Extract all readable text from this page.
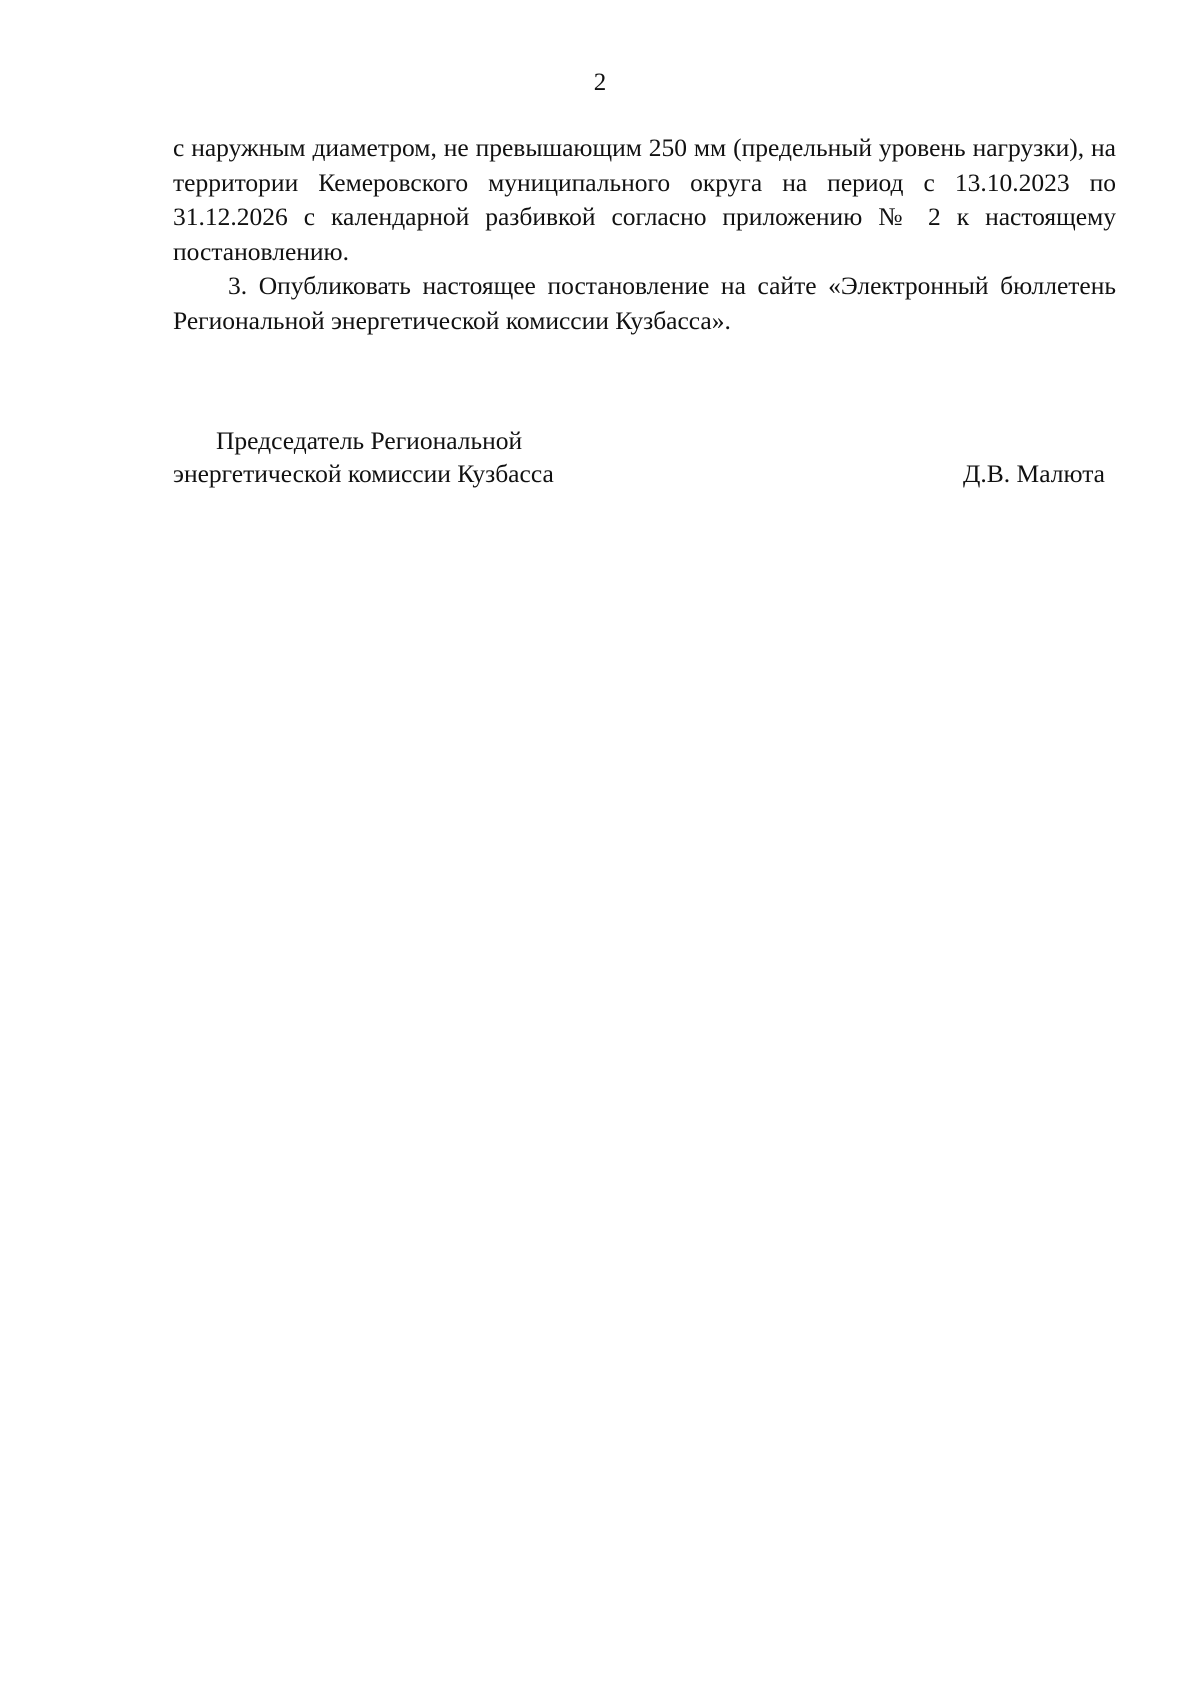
2

с наружным диаметром, не превышающим 250 мм (предельный уровень нагрузки), на территории Кемеровского муниципального округа на период с 13.10.2023 по 31.12.2026 с календарной разбивкой согласно приложению № 2 к настоящему постановлению.

3. Опубликовать настоящее постановление на сайте «Электронный бюллетень Региональной энергетической комиссии Кузбасса».

Председатель Региональной
энергетической комиссии Кузбасса	Д.В. Малюта
